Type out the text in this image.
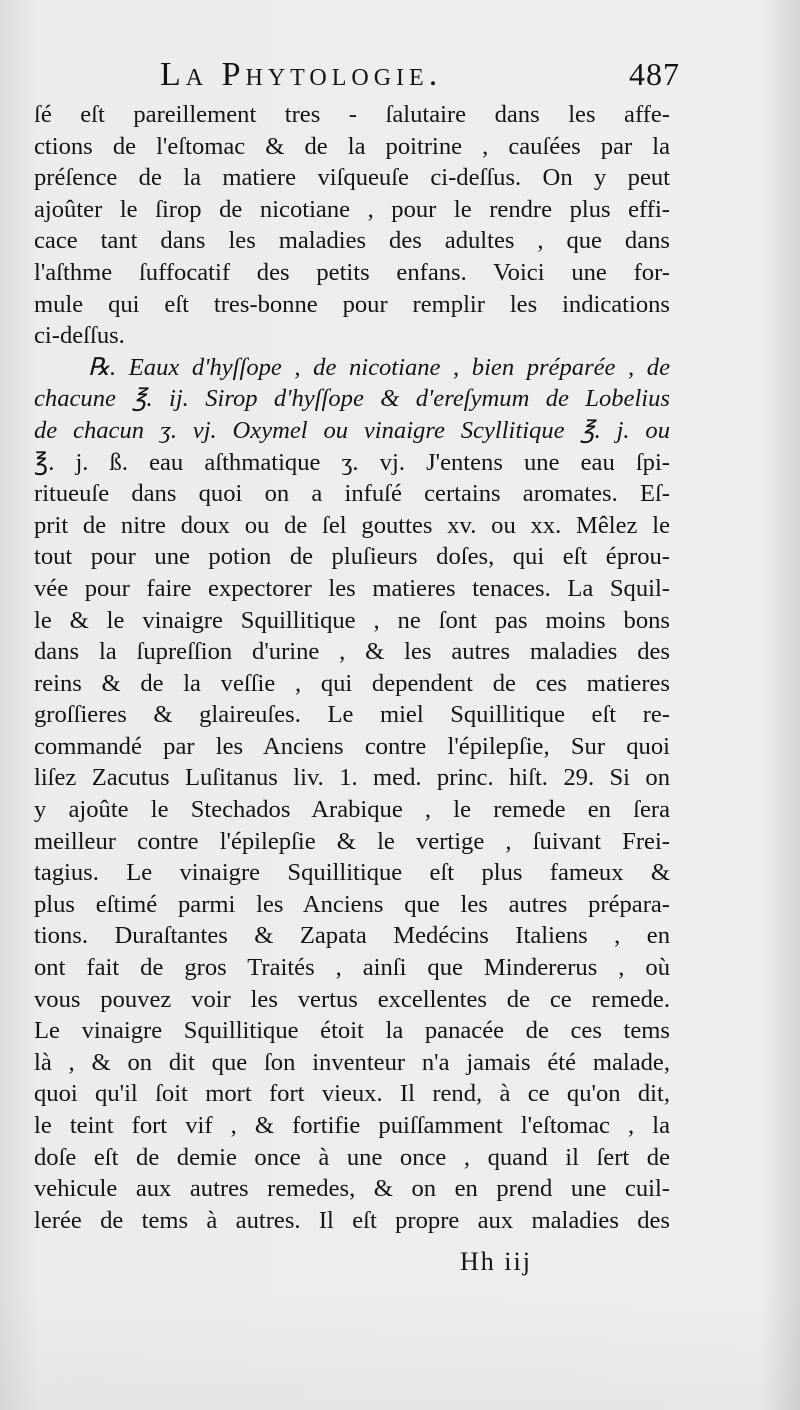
La Phytologie.	487
ſé eſt pareillement tres - ſalutaire dans les affe-
ctions de l'eſtomac & de la poitrine , cauſées par la
préſence de la matiere viſqueuſe ci-deſſus. On y peut
ajoûter le ſirop de nicotiane , pour le rendre plus effi-
cace tant dans les maladies des adultes , que dans
l'aſthme ſuffocatif des petits enfans. Voici une for-
mule qui eſt tres-bonne pour remplir les indications
ci-deſſus.
℞. Eaux d'hyſſope , de nicotiane , bien préparée , de
chacune ℥. ij. Sirop d'hyſſope & d'ereſymum de Lobelius
de chacun ʒ. vj. Oxymel ou vinaigre Scyllitique ℥. j. ou
℥. j. ß. eau aſthmatique ʒ. vj. J'entens une eau ſpi-
ritueuſe dans quoi on a infuſé certains aromates. Eſ-
prit de nitre doux ou de ſel gouttes xv. ou xx. Mêlez le
tout pour une potion de pluſieurs doſes, qui eſt éprou-
vée pour faire expectorer les matieres tenaces. La Squil-
le & le vinaigre Squillitique , ne ſont pas moins bons
dans la ſupreſſion d'urine , & les autres maladies des
reins & de la veſſie , qui dependent de ces matieres
groſſieres & glaireuſes. Le miel Squillitique eſt re-
commandé par les Anciens contre l'épilepſie, Sur quoi
liſez Zacutus Luſitanus liv. 1. med. princ. hiſt. 29. Si on
y ajoûte le Stechados Arabique , le remede en ſera
meilleur contre l'épilepſie & le vertige , ſuivant Frei-
tagius. Le vinaigre Squillitique eſt plus fameux &
plus eſtimé parmi les Anciens que les autres prépara-
tions. Duraſtantes & Zapata Medécins Italiens , en
ont fait de gros Traités , ainſi que Mindererus , où
vous pouvez voir les vertus excellentes de ce remede.
Le vinaigre Squillitique étoit la panacée de ces tems
là , & on dit que ſon inventeur n'a jamais été malade,
quoi qu'il ſoit mort fort vieux. Il rend, à ce qu'on dit,
le teint fort vif , & fortifie puiſſamment l'eſtomac , la
doſe eſt de demie once à une once , quand il ſert de
vehicule aux autres remedes, & on en prend une cuil-
lerée de tems à autres. Il eſt propre aux maladies des
Hh iij
